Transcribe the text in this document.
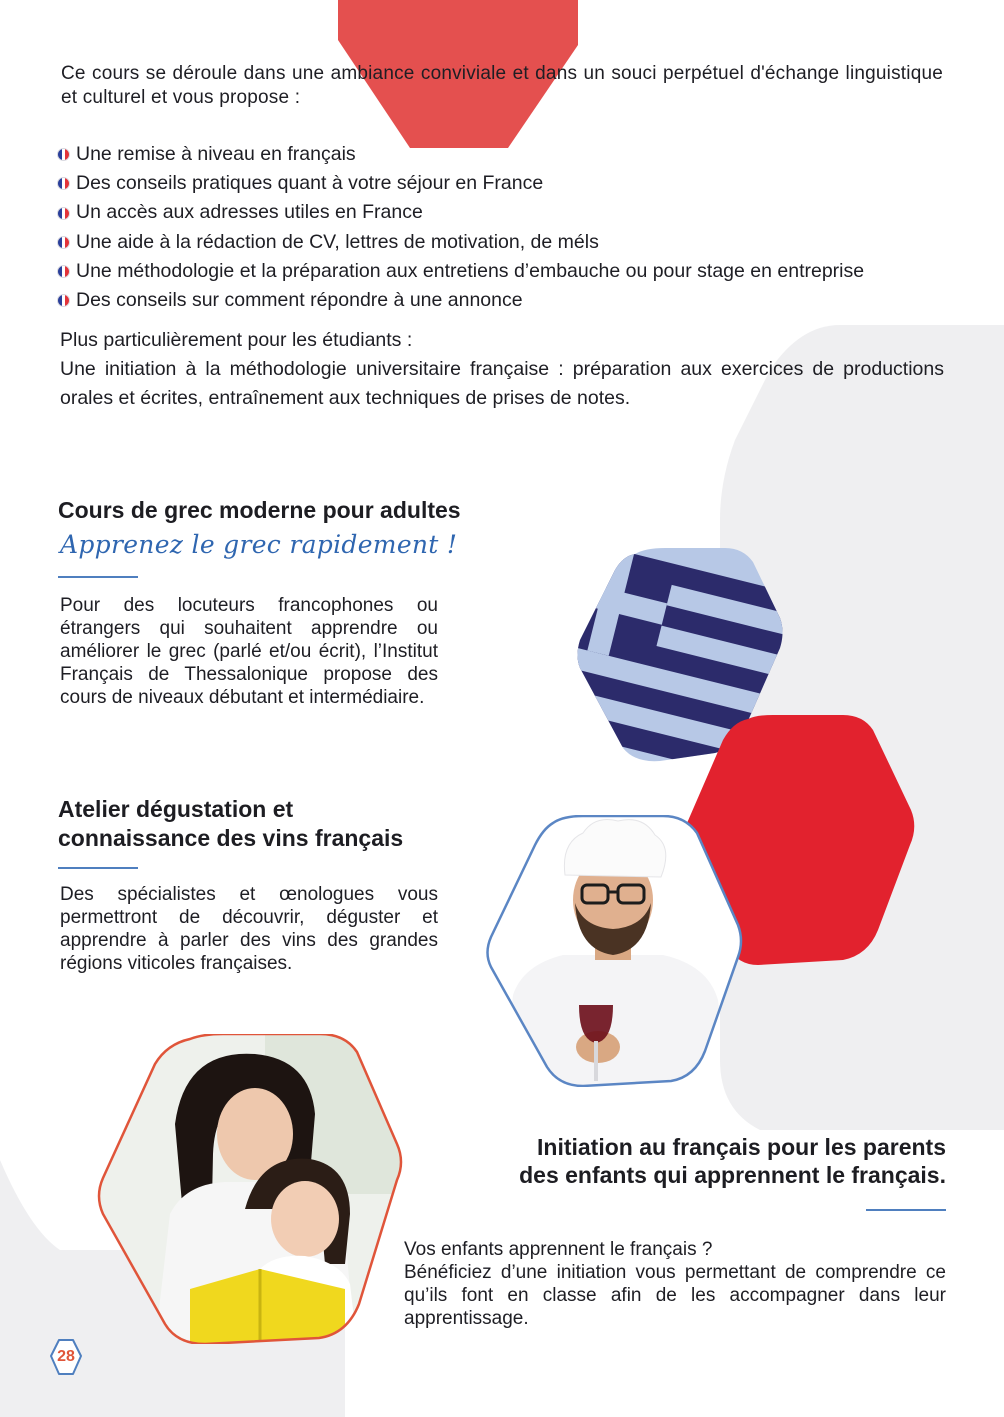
Ce cours se déroule dans une ambiance conviviale et dans un souci perpétuel d'échange linguistique et culturel et vous propose :
Une remise à niveau en français
Des conseils pratiques quant à votre séjour en France
Un accès aux adresses utiles en France
Une aide à la rédaction de CV, lettres de motivation, de méls
Une méthodologie et la préparation aux entretiens d’embauche ou pour stage en entreprise
Des conseils sur comment répondre à une annonce

Plus particulièrement pour les étudiants :

Une initiation à la méthodologie universitaire française : préparation aux exercices de productions orales et écrites, entraînement aux techniques de prises de notes.

Cours de grec moderne pour adultes
Apprenez le grec rapidement !
Pour des locuteurs francophones ou étrangers qui souhaitent apprendre ou améliorer le grec (parlé et/ou écrit), l’Institut Français de Thessalonique propose des cours de niveaux débutant et intermédiaire.
Atelier dégustation et
connaissance des vins français
Des spécialistes et œnologues vous permettront de découvrir, déguster et apprendre à parler des vins des grandes régions viticoles françaises.
Initiation au français pour les parents
des enfants qui apprennent le français.
Vos enfants apprennent le français ?
Bénéficiez d’une initiation vous permettant de comprendre ce qu’ils font en classe afin de les accompagner dans leur apprentissage.
28
